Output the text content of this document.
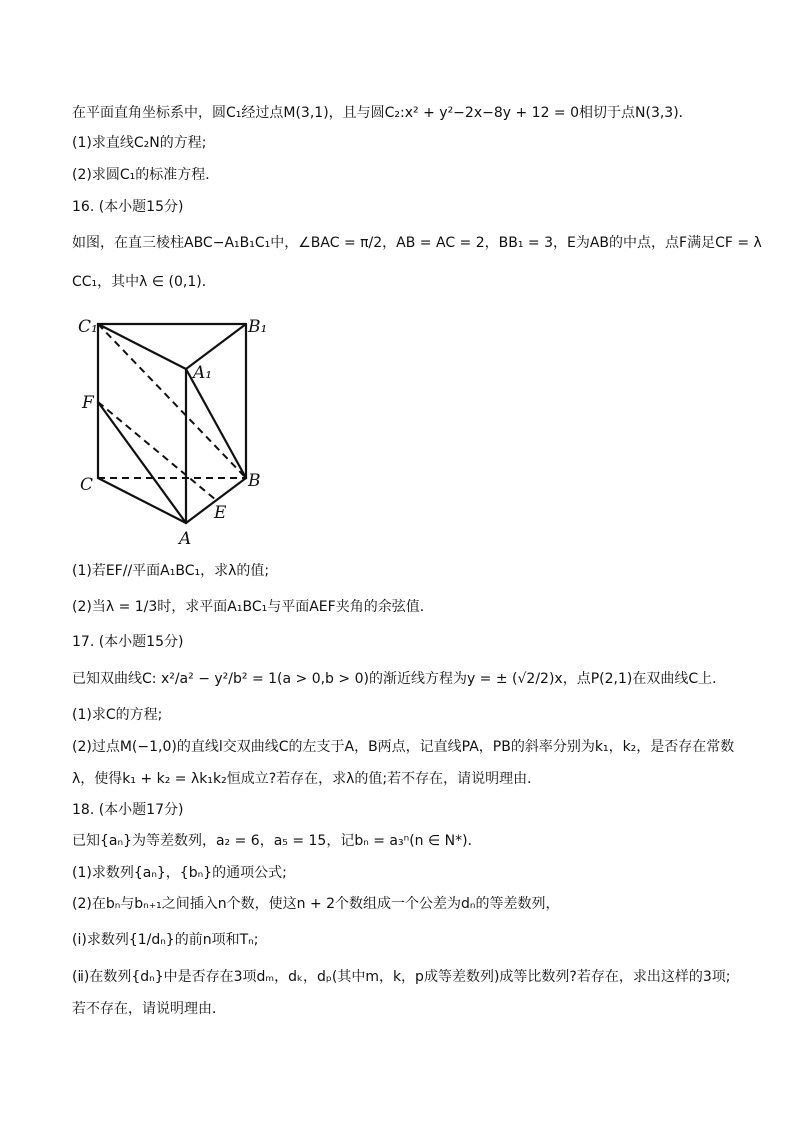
在平面直角坐标系中，圆C₁经过点M(3,1)，且与圆C₂:x² + y²−2x−8y + 12 = 0相切于点N(3,3)．
(1)求直线C₂N的方程;
(2)求圆C₁的标准方程．
16. (本小题15分)
如图，在直三棱柱ABC−A₁B₁C₁中，∠BAC = π/2，AB = AC = 2，BB₁ = 3，E为AB的中点，点F满足CF = λ
CC₁，其中λ ∈ (0,1)．
C₁	B₁
A₁
F
C	B
E
A
(1)若EF//平面A₁BC₁，求λ的值;
(2)当λ = 1/3时，求平面A₁BC₁与平面AEF夹角的余弦值．
17. (本小题15分)
已知双曲线C: x²/a² − y²/b² = 1(a > 0,b > 0)的渐近线方程为y = ± (√2/2)x，点P(2,1)在双曲线C上．
(1)求C的方程;
(2)过点M(−1,0)的直线l交双曲线C的左支于A，B两点，记直线PA，PB的斜率分别为k₁，k₂，是否存在常数
λ，使得k₁ + k₂ = λk₁k₂恒成立?若存在，求λ的值;若不存在，请说明理由．
18. (本小题17分)
已知{aₙ}为等差数列，a₂ = 6，a₅ = 15，记bₙ = a₃ⁿ(n ∈ N*)．
(1)求数列{aₙ}，{bₙ}的通项公式;
(2)在bₙ与bₙ₊₁之间插入n个数，使这n + 2个数组成一个公差为dₙ的等差数列，
(ⅰ)求数列{1/dₙ}的前n项和Tₙ;
(ⅱ)在数列{dₙ}中是否存在3项dₘ，dₖ，dₚ(其中m，k，p成等差数列)成等比数列?若存在，求出这样的3项;
若不存在，请说明理由．
